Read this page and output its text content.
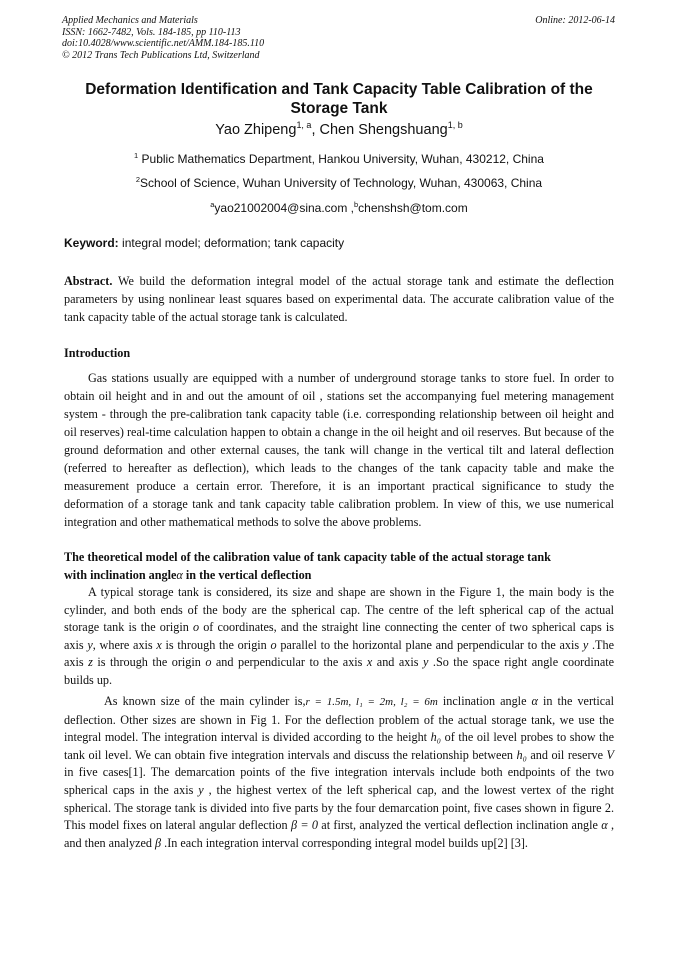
Applied Mechanics and Materials
ISSN: 1662-7482, Vols. 184-185, pp 110-113
doi:10.4028/www.scientific.net/AMM.184-185.110
© 2012 Trans Tech Publications Ltd, Switzerland
Online: 2012-06-14
Deformation Identification and Tank Capacity Table Calibration of the
Storage Tank
Yao Zhipeng$^{1, a}$, Chen Shengshuang$^{1, b}$
$^1$ Public Mathematics Department, Hankou University, Wuhan, 430212, China
$^2$School of Science, Wuhan University of Technology, Wuhan, 430063, China
$^a$yao21002004@sina.com ,$^b$chenshsh@tom.com
Keyword: integral model; deformation; tank capacity
Abstract. We build the deformation integral model of the actual storage tank and estimate the deflection parameters by using nonlinear least squares based on experimental data. The accurate calibration value of the tank capacity table of the actual storage tank is calculated.
Introduction
Gas stations usually are equipped with a number of underground storage tanks to store fuel. In order to obtain oil height and in and out the amount of oil , stations set the accompanying fuel metering management system - through the pre-calibration tank capacity table (i.e. corresponding relationship between oil height and oil reserves) real-time calculation happen to obtain a change in the oil height and oil reserves. But because of the ground deformation and other external causes, the tank will change in the vertical tilt and lateral deflection (referred to hereafter as deflection), which leads to the changes of the tank capacity table and make the measurement produce a certain error. Therefore, it is an important practical significance to study the deformation of a storage tank and tank capacity table calibration problem. In view of this, we use numerical integration and other mathematical methods to solve the above problems.
The theoretical model of the calibration value of tank capacity table of the actual storage tank
with inclination angleα in the vertical deflection
A typical storage tank is considered, its size and shape are shown in the Figure 1, the main body is the cylinder, and both ends of the body are the spherical cap. The centre of the left spherical cap of the actual storage tank is the origin o of coordinates, and the straight line connecting the center of two spherical caps is axis y, where axis x is through the origin o parallel to the horizontal plane and perpendicular to the axis y .The axis z is through the origin o and perpendicular to the axis x and axis y .So the space right angle coordinate builds up.
As known size of the main cylinder is,r = 1.5m, l₁ = 2m, l₂ = 6m inclination angle α in the vertical deflection. Other sizes are shown in Fig 1. For the deflection problem of the actual storage tank, we use the integral model. The integration interval is divided according to the height h₀ of the oil level probes to show the tank oil level. We can obtain five integration intervals and discuss the relationship between h₀ and oil reserve V in five cases[1]. The demarcation points of the five integration intervals include both endpoints of the two spherical caps in the axis y , the highest vertex of the left spherical cap, and the lowest vertex of the right spherical. The storage tank is divided into five parts by the four demarcation point, five cases shown in figure 2. This model fixes on lateral angular deflection β = 0 at first, analyzed the vertical deflection inclination angle α , and then analyzed β .In each integration interval corresponding integral model builds up[2] [3].
